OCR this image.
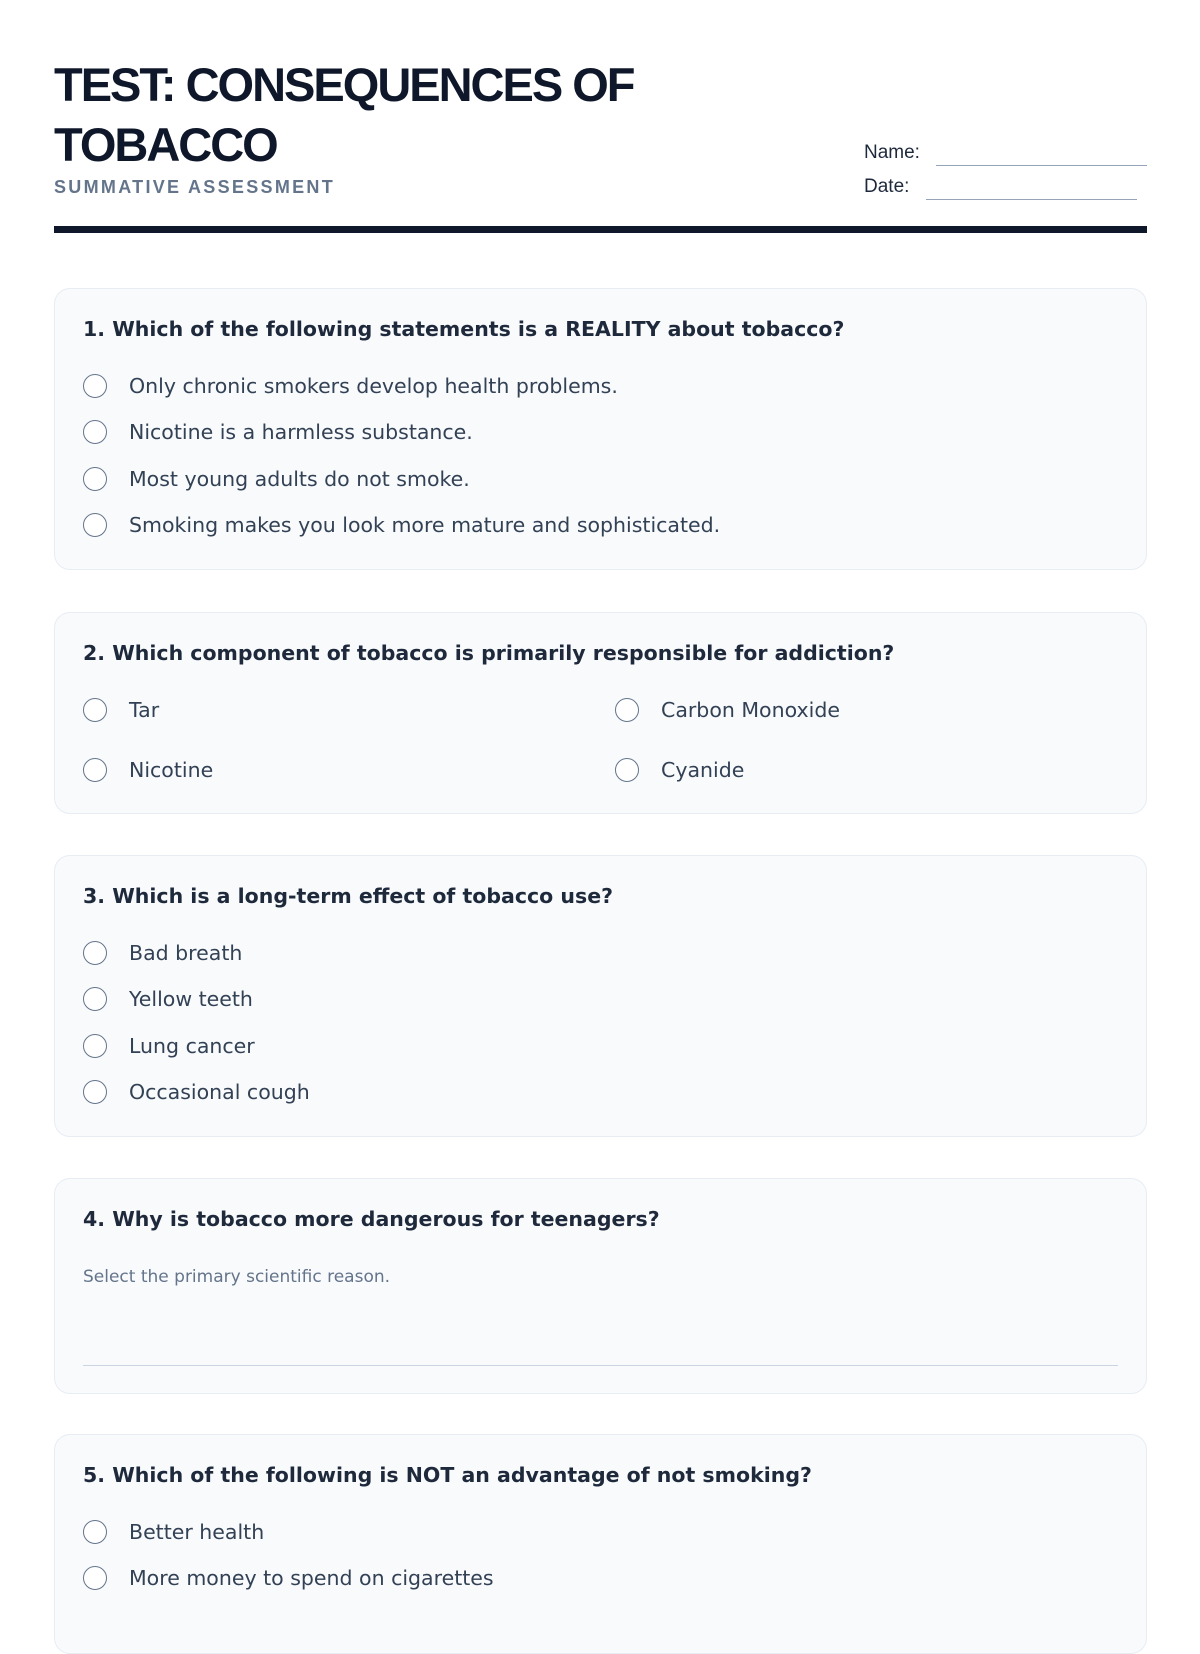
TEST: CONSEQUENCES OF TOBACCO
SUMMATIVE ASSESSMENT
Name:
Date:
1. Which of the following statements is a REALITY about tobacco?
Only chronic smokers develop health problems.
Nicotine is a harmless substance.
Most young adults do not smoke.
Smoking makes you look more mature and sophisticated.
2. Which component of tobacco is primarily responsible for addiction?
Tar	Carbon Monoxide
Nicotine	Cyanide
3. Which is a long-term effect of tobacco use?
Bad breath
Yellow teeth
Lung cancer
Occasional cough
4. Why is tobacco more dangerous for teenagers?
Select the primary scientific reason.
5. Which of the following is NOT an advantage of not smoking?
Better health
More money to spend on cigarettes
